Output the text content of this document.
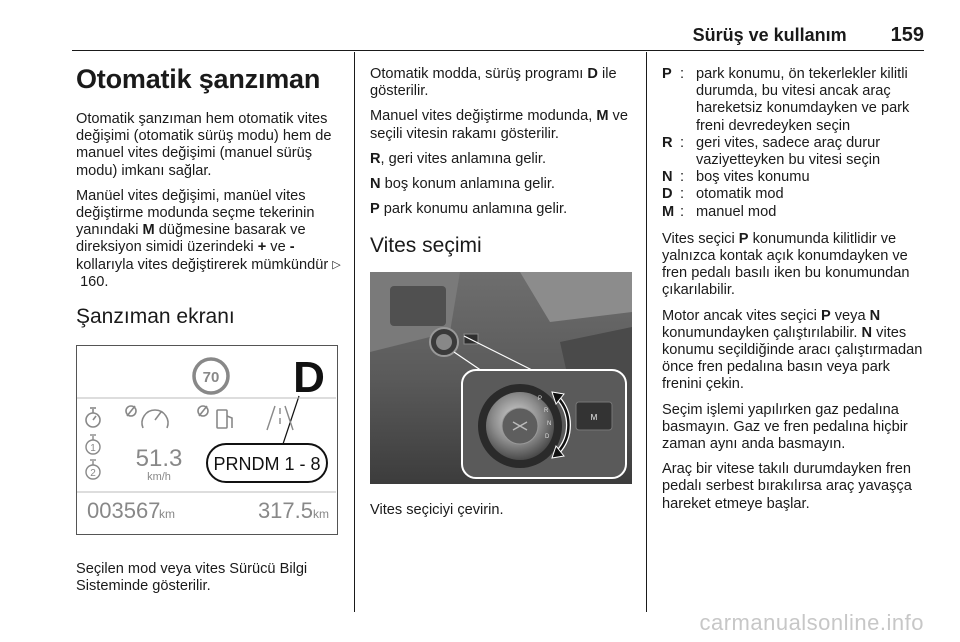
Sürüş ve kullanım 159
Otomatik şanzıman

Otomatik şanzıman hem otomatik vites değişimi (otomatik sürüş modu) hem de manuel vites değişimi (manuel sürüş modu) imkanı sağlar.

Manüel vites değişimi, manüel vites değiştirme modunda seçme tekerinin yanındaki M düğmesine basarak ve direksiyon simidi üzerindeki + ve - kollarıyla vites değiştirerek mümkündür ▷ 160.

Şanzıman ekranı
70 D
1
2
51.3
km/h
PRNDM 1 - 8
003567
km	317.5 km

Seçilen mod veya vites Sürücü Bilgi Sisteminde gösterilir.

Otomatik modda, sürüş programı D ile gösterilir.

Manuel vites değiştirme modunda, M ve seçili vitesin rakamı gösterilir.

R, geri vites anlamına gelir.

N boş konum anlamına gelir.

P park konumu anlamına gelir.

Vites seçimi
P
R
N
D
M

Vites seçiciyi çevirin.

P : park konumu, ön tekerlekler kilitli durumda, bu vitesi ancak araç hareketsiz konumdayken ve park freni devredeyken seçin
R : geri vites, sadece araç durur vaziyetteyken bu vitesi seçin
N : boş vites konumu
D : otomatik mod
M : manuel mod

Vites seçici P konumunda kilitlidir ve yalnızca kontak açık konumdayken ve fren pedalı basılı iken bu konumundan çıkarılabilir.

Motor ancak vites seçici P veya N konumundayken çalıştırılabilir. N vites konumu seçildiğinde aracı çalıştırmadan önce fren pedalına basın veya park frenini çekin.

Seçim işlemi yapılırken gaz pedalına basmayın. Gaz ve fren pedalına hiçbir zaman aynı anda basmayın.

Araç bir vitese takılı durumdayken fren pedalı serbest bırakılırsa araç yavaşça hareket etmeye başlar.

carmanualsonline.info
